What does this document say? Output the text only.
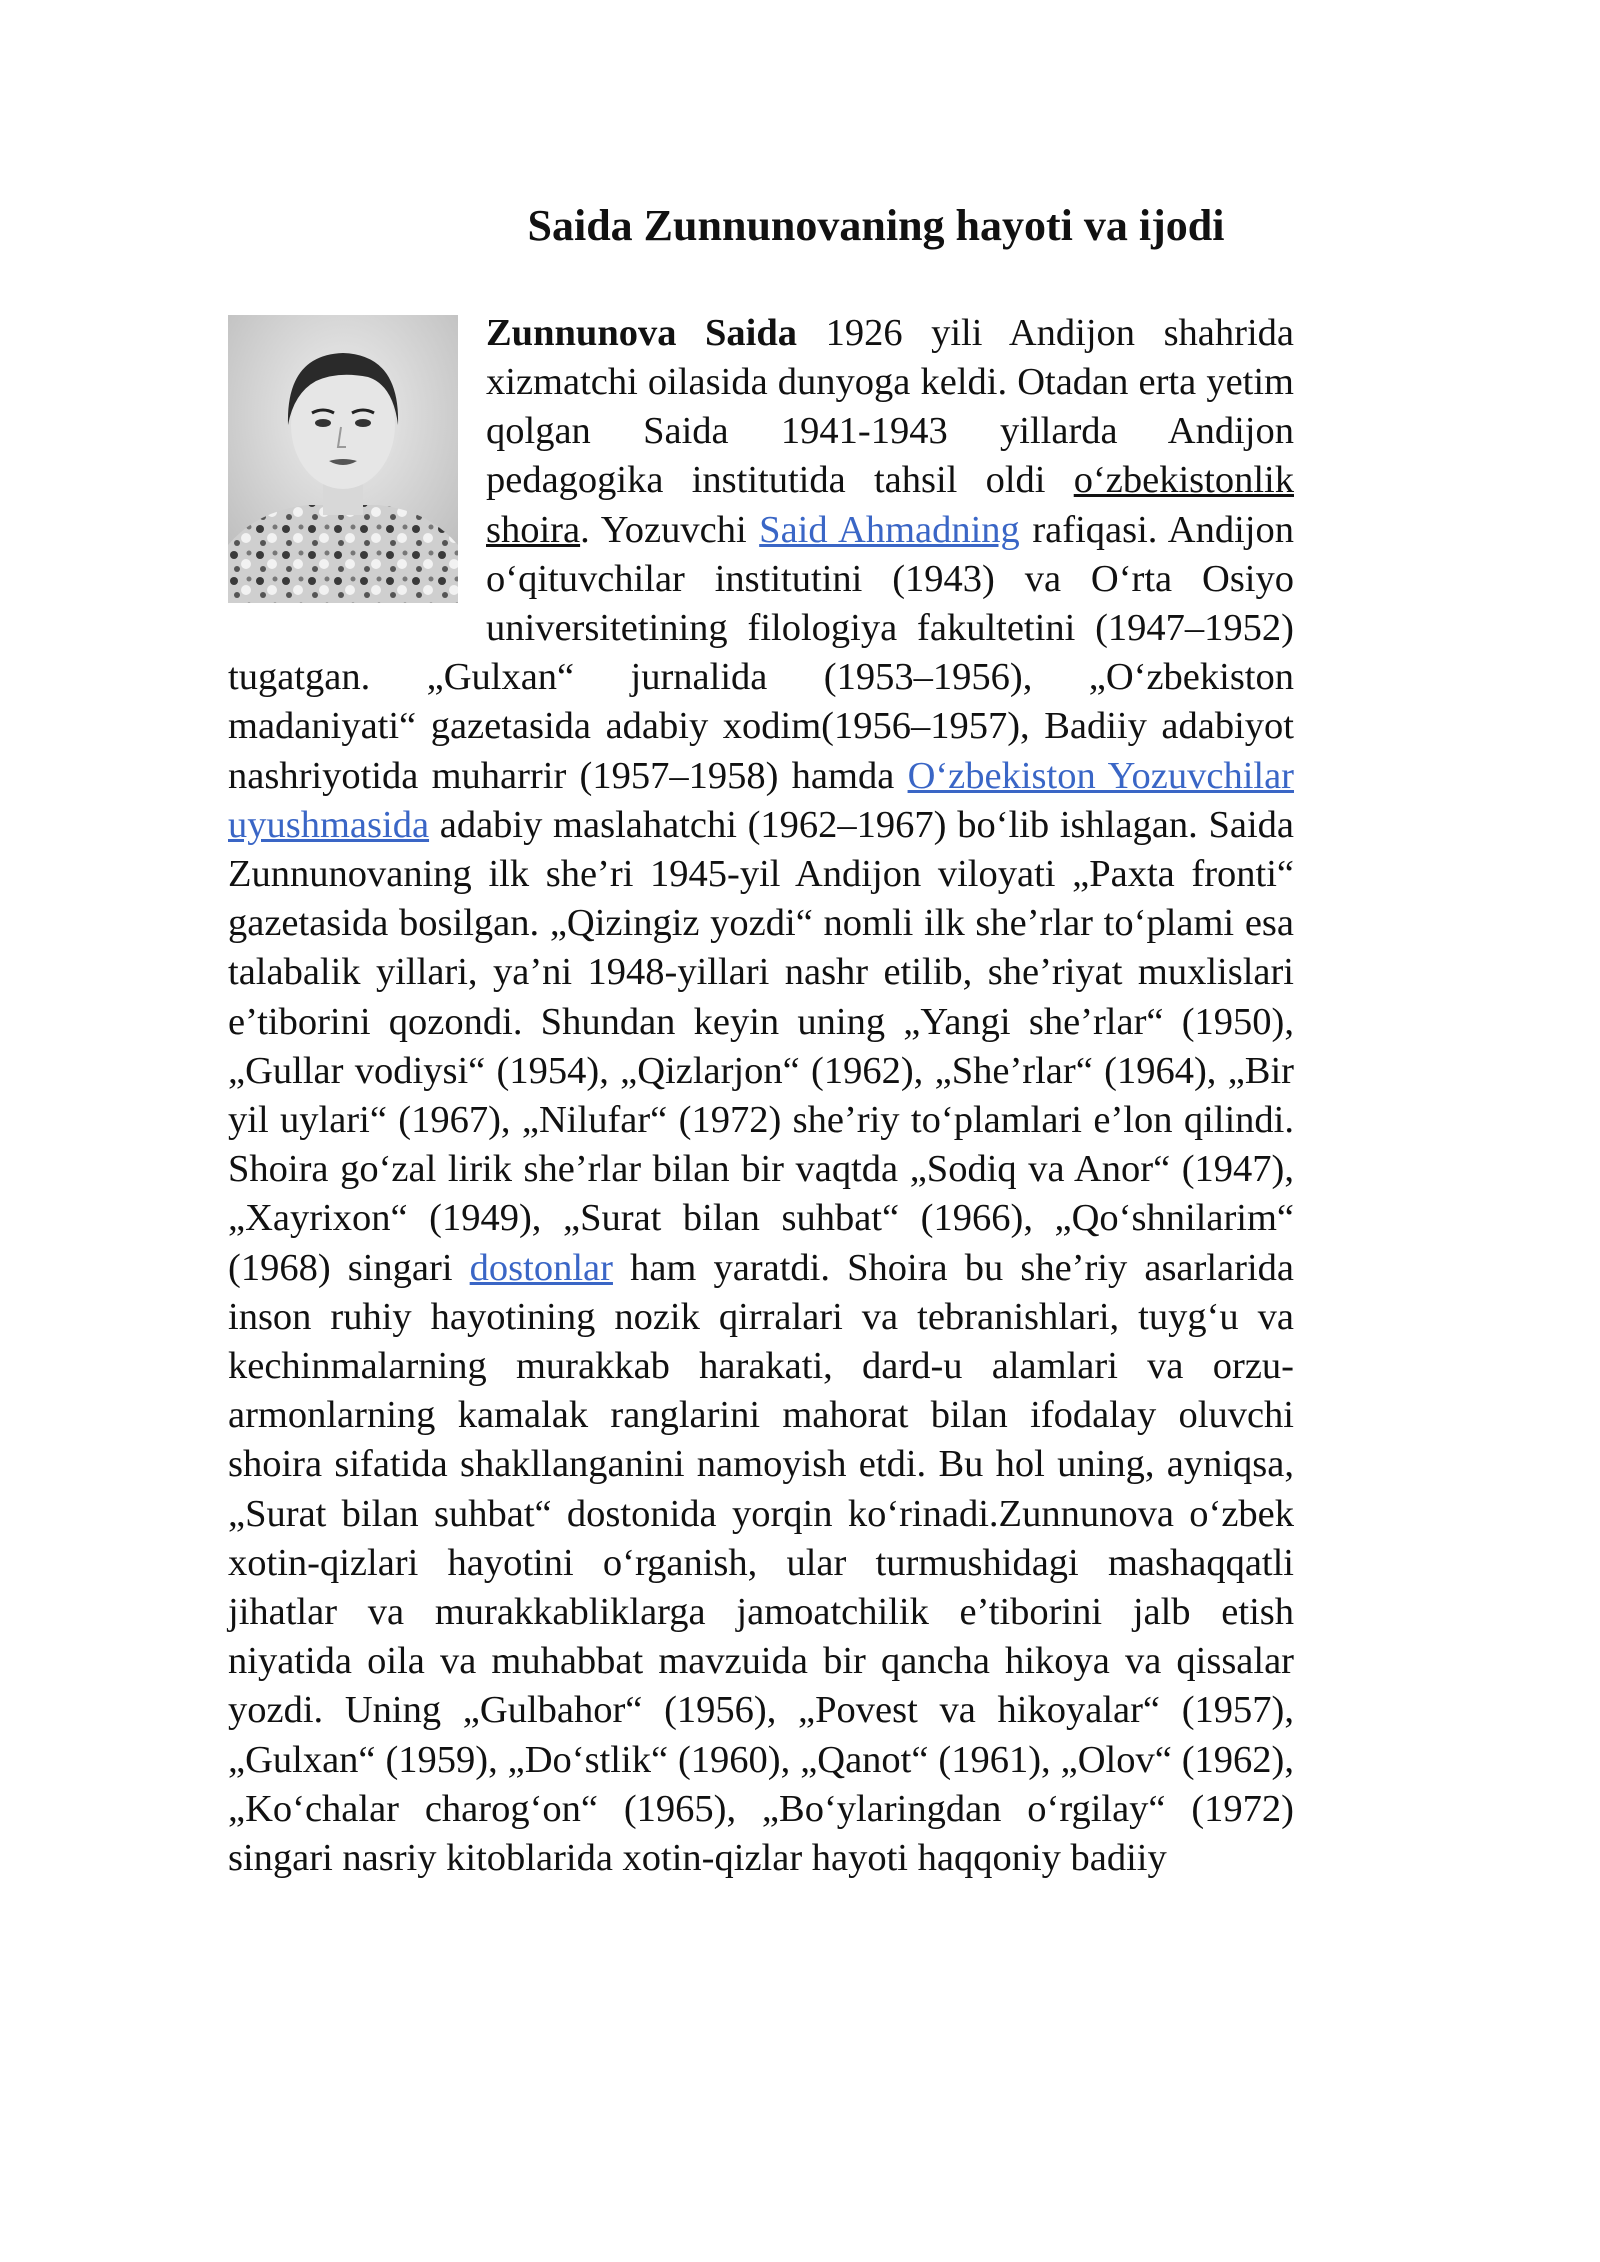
Saida Zunnunovaning hayoti va ijodi

Zunnunova Saida 1926 yili Andijon shahrida xizmatchi oilasida dunyoga keldi. Otadan erta yetim qolgan Saida 1941-1943 yillarda Andijon pedagogika institutida tahsil oldi o‘zbekistonlik shoira. Yozuvchi Said Ahmadning rafiqasi. Andijon o‘qituvchilar institutini (1943) va O‘rta Osiyo universitetining filologiya fakultetini (1947–1952) tugatgan. „Gulxan“ jurnalida (1953–1956), „O‘zbekiston madaniyati“ gazetasida adabiy xodim(1956–1957), Badiiy adabiyot nashriyotida muharrir (1957–1958) hamda O‘zbekiston Yozuvchilar uyushmasida adabiy maslahatchi (1962–1967) bo‘lib ishlagan. Saida Zunnunovaning ilk she’ri 1945-yil Andijon viloyati „Paxta fronti“ gazetasida bosilgan. „Qizingiz yozdi“ nomli ilk she’rlar to‘plami esa talabalik yillari, ya’ni 1948-yillari nashr etilib, she’riyat muxlislari e’tiborini qozondi. Shundan keyin uning „Yangi she’rlar“ (1950), „Gullar vodiysi“ (1954), „Qizlarjon“ (1962), „She’rlar“ (1964), „Bir yil uylari“ (1967), „Nilufar“ (1972) she’riy to‘plamlari e’lon qilindi. Shoira go‘zal lirik she’rlar bilan bir vaqtda „Sodiq va Anor“ (1947), „Xayrixon“ (1949), „Surat bilan suhbat“ (1966), „Qo‘shnilarim“ (1968) singari dostonlar ham yaratdi. Shoira bu she’riy asarlarida inson ruhiy hayotining nozik qirralari va tebranishlari, tuyg‘u va kechinmalarning murakkab harakati, dard-u alamlari va orzu-armonlarning kamalak ranglarini mahorat bilan ifodalay oluvchi shoira sifatida shakllanganini namoyish etdi. Bu hol uning, ayniqsa, „Surat bilan suhbat“ dostonida yorqin ko‘rinadi.Zunnunova o‘zbek xotin-qizlari hayotini o‘rganish, ular turmushidagi mashaqqatli jihatlar va murakkabliklarga jamoatchilik e’tiborini jalb etish niyatida oila va muhabbat mavzuida bir qancha hikoya va qissalar yozdi. Uning „Gulbahor“ (1956), „Povest va hikoyalar“ (1957), „Gulxan“ (1959), „Do‘stlik“ (1960), „Qanot“ (1961), „Olov“ (1962), „Ko‘chalar charog‘on“ (1965), „Bo‘ylaringdan o‘rgilay“ (1972) singari nasriy kitoblarida xotin-qizlar hayoti haqqoniy badiiy
